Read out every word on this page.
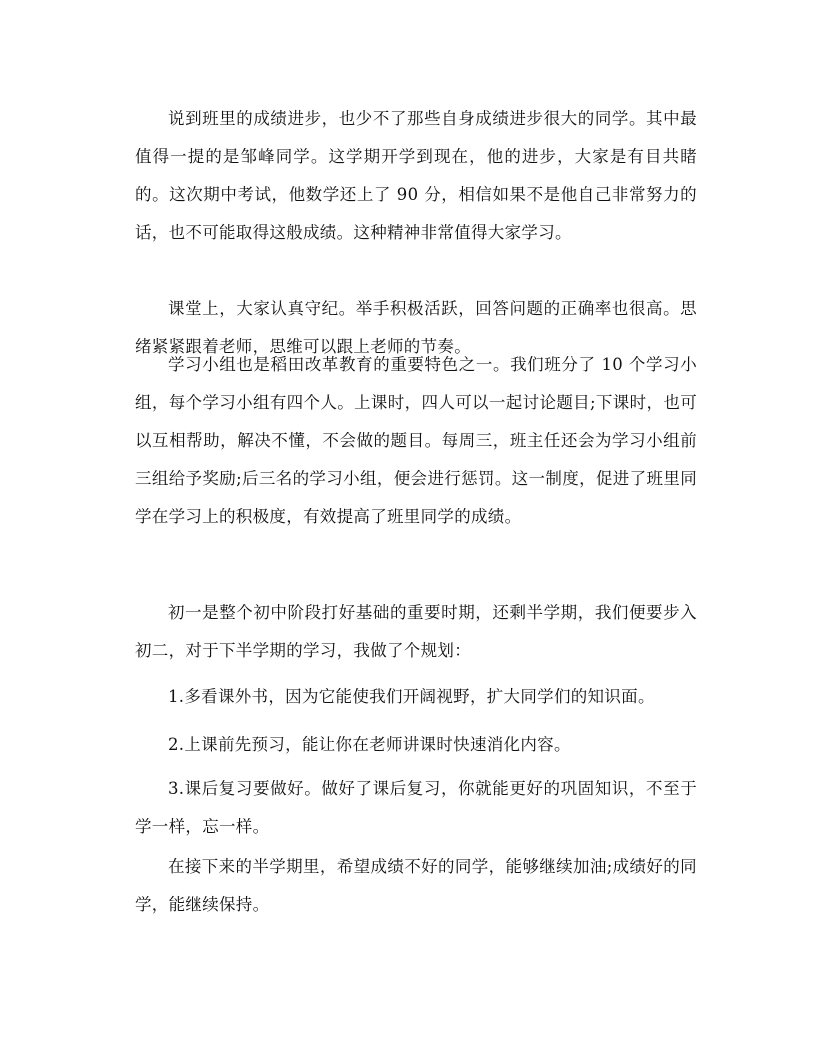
说到班里的成绩进步，也少不了那些自身成绩进步很大的同学。其中最值得一提的是邹峰同学。这学期开学到现在，他的进步，大家是有目共睹的。这次期中考试，他数学还上了 90 分，相信如果不是他自己非常努力的话，也不可能取得这般成绩。这种精神非常值得大家学习。

课堂上，大家认真守纪。举手积极活跃，回答问题的正确率也很高。思绪紧紧跟着老师，思维可以跟上老师的节奏。

学习小组也是稻田改革教育的重要特色之一。我们班分了 10 个学习小组，每个学习小组有四个人。上课时，四人可以一起讨论题目;下课时，也可以互相帮助，解决不懂，不会做的题目。每周三，班主任还会为学习小组前三组给予奖励;后三名的学习小组，便会进行惩罚。这一制度，促进了班里同学在学习上的积极度，有效提高了班里同学的成绩。

初一是整个初中阶段打好基础的重要时期，还剩半学期，我们便要步入初二，对于下半学期的学习，我做了个规划：

1.多看课外书，因为它能使我们开阔视野，扩大同学们的知识面。

2.上课前先预习，能让你在老师讲课时快速消化内容。

3.课后复习要做好。做好了课后复习，你就能更好的巩固知识，不至于学一样，忘一样。

在接下来的半学期里，希望成绩不好的同学，能够继续加油;成绩好的同学，能继续保持。
